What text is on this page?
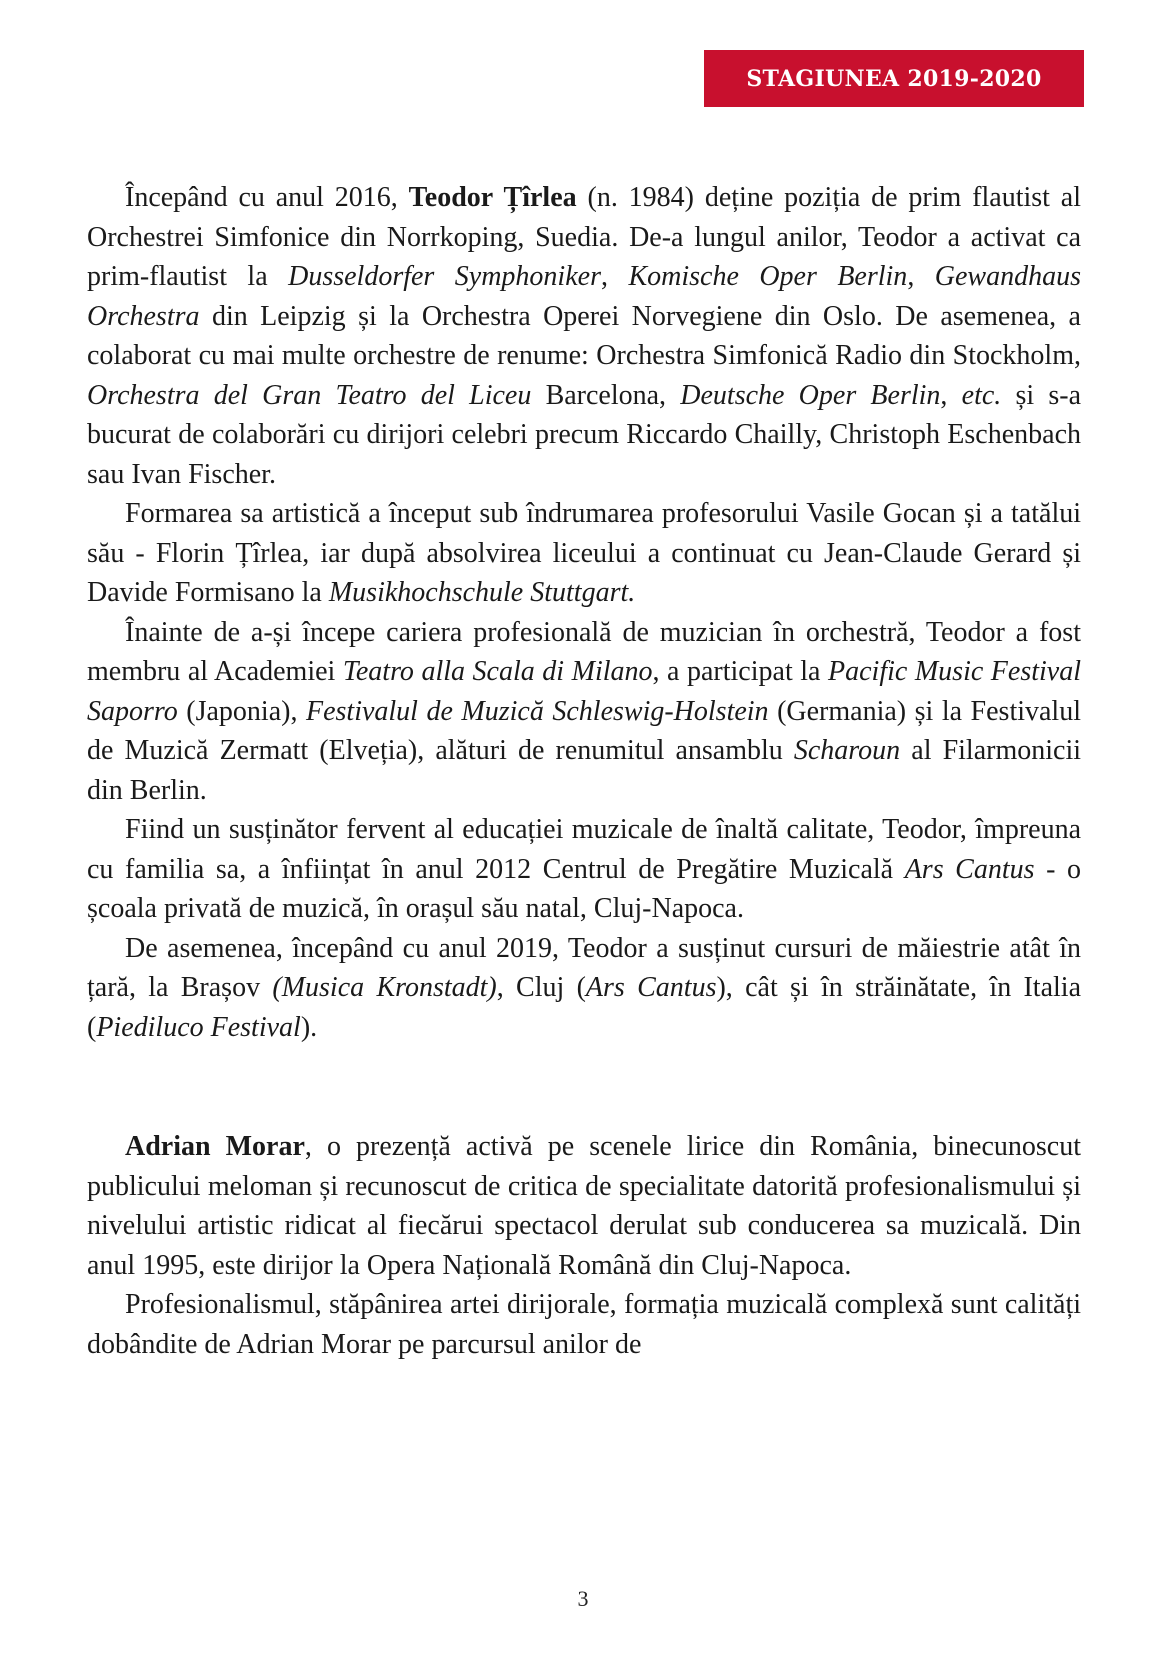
STAGIUNEA 2019-2020

Începând cu anul 2016, Teodor Țîrlea (n. 1984) deține poziția de prim flautist al Orchestrei Simfonice din Norrkoping, Suedia. De-a lungul anilor, Teodor a activat ca prim-flautist la Dusseldorfer Symphoniker, Komische Oper Berlin, Gewandhaus Orchestra din Leipzig și la Orchestra Operei Norvegiene din Oslo. De asemenea, a colaborat cu mai multe orchestre de renume: Orchestra Simfonică Radio din Stockholm, Orchestra del Gran Teatro del Liceu Barcelona, Deutsche Oper Berlin, etc. și s-a bucurat de colaborări cu dirijori celebri precum Riccardo Chailly, Christoph Eschenbach sau Ivan Fischer.

Formarea sa artistică a început sub îndrumarea profesorului Vasile Gocan și a tatălui său - Florin Țîrlea, iar după absolvirea liceului a continuat cu Jean-Claude Gerard și Davide Formisano la Musikhochschule Stuttgart.

Înainte de a-și începe cariera profesională de muzician în orchestră, Teodor a fost membru al Academiei Teatro alla Scala di Milano, a participat la Pacific Music Festival Saporro (Japonia), Festivalul de Muzică Schleswig-Holstein (Germania) și la Festivalul de Muzică Zermatt (Elveția), alături de renumitul ansamblu Scharoun al Filarmonicii din Berlin.

Fiind un susținător fervent al educației muzicale de înaltă calitate, Teodor, împreuna cu familia sa, a înființat în anul 2012 Centrul de Pregătire Muzicală Ars Cantus - o școala privată de muzică, în orașul său natal, Cluj-Napoca.

De asemenea, începând cu anul 2019, Teodor a susținut cursuri de măiestrie atât în țară, la Brașov (Musica Kronstadt), Cluj (Ars Cantus), cât și în străinătate, în Italia (Piediluco Festival).

Adrian Morar, o prezență activă pe scenele lirice din România, binecunoscut publicului meloman și recunoscut de critica de specialitate datorită profesionalismului și nivelului artistic ridicat al fiecărui spectacol derulat sub conducerea sa muzicală. Din anul 1995, este dirijor la Opera Națională Română din Cluj-Napoca.

Profesionalismul, stăpânirea artei dirijorale, formația muzicală complexă sunt calități dobândite de Adrian Morar pe parcursul anilor de

3
